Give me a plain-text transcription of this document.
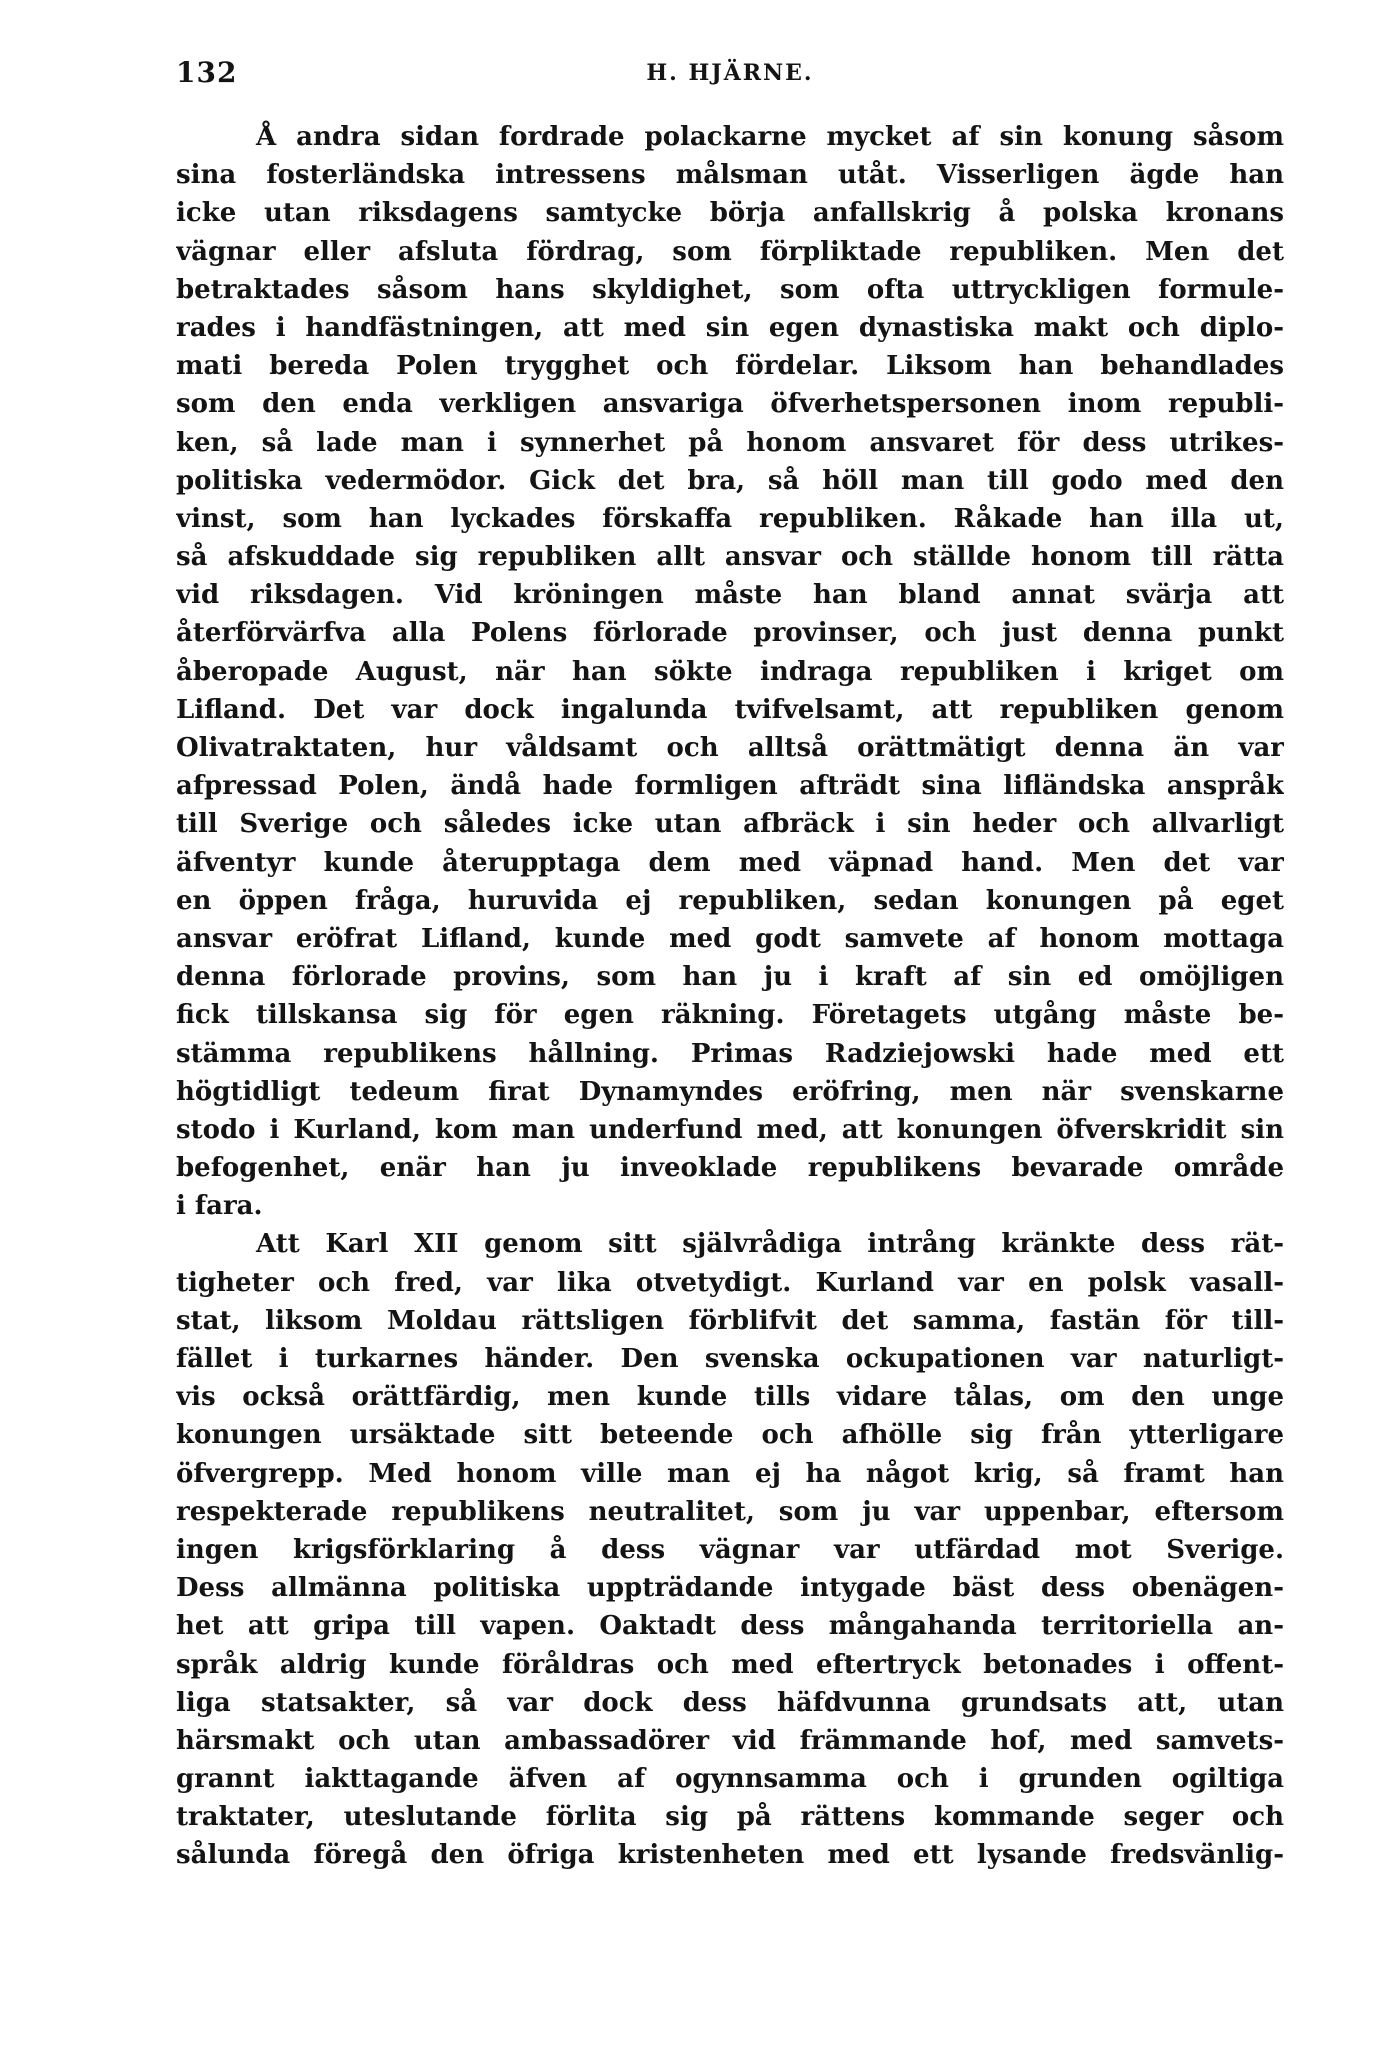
132	H. HJÄRNE.
Å andra sidan fordrade polackarne mycket af sin konung såsom
sina fosterländska intressens målsman utåt. Visserligen ägde han
icke utan riksdagens samtycke börja anfallskrig å polska kronans
vägnar eller afsluta fördrag, som förpliktade republiken. Men det
betraktades såsom hans skyldighet, som ofta uttryckligen formule-
rades i handfästningen, att med sin egen dynastiska makt och diplo-
mati bereda Polen trygghet och fördelar. Liksom han behandlades
som den enda verkligen ansvariga öfverhetspersonen inom republi-
ken, så lade man i synnerhet på honom ansvaret för dess utrikes-
politiska vedermödor. Gick det bra, så höll man till godo med den
vinst, som han lyckades förskaffa republiken. Råkade han illa ut,
så afskuddade sig republiken allt ansvar och ställde honom till rätta
vid riksdagen. Vid kröningen måste han bland annat svärja att
återförvärfva alla Polens förlorade provinser, och just denna punkt
åberopade August, när han sökte indraga republiken i kriget om
Lifland. Det var dock ingalunda tvifvelsamt, att republiken genom
Olivatraktaten, hur våldsamt och alltså orättmätigt denna än var
afpressad Polen, ändå hade formligen afträdt sina lifländska anspråk
till Sverige och således icke utan afbräck i sin heder och allvarligt
äfventyr kunde återupptaga dem med väpnad hand. Men det var
en öppen fråga, huruvida ej republiken, sedan konungen på eget
ansvar eröfrat Lifland, kunde med godt samvete af honom mottaga
denna förlorade provins, som han ju i kraft af sin ed omöjligen
fick tillskansa sig för egen räkning. Företagets utgång måste be-
stämma republikens hållning. Primas Radziejowski hade med ett
högtidligt tedeum firat Dynamyndes eröfring, men när svenskarne
stodo i Kurland, kom man underfund med, att konungen öfverskridit sin
befogenhet, enär han ju inveoklade republikens bevarade område
i fara.
Att Karl XII genom sitt självrådiga intrång kränkte dess rät-
tigheter och fred, var lika otvetydigt. Kurland var en polsk vasall-
stat, liksom Moldau rättsligen förblifvit det samma, fastän för till-
fället i turkarnes händer. Den svenska ockupationen var naturligt-
vis också orättfärdig, men kunde tills vidare tålas, om den unge
konungen ursäktade sitt beteende och afhölle sig från ytterligare
öfvergrepp. Med honom ville man ej ha något krig, så framt han
respekterade republikens neutralitet, som ju var uppenbar, eftersom
ingen krigsförklaring å dess vägnar var utfärdad mot Sverige.
Dess allmänna politiska uppträdande intygade bäst dess obenägen-
het att gripa till vapen. Oaktadt dess mångahanda territoriella an-
språk aldrig kunde föråldras och med eftertryck betonades i offent-
liga statsakter, så var dock dess häfdvunna grundsats att, utan
härsmakt och utan ambassadörer vid främmande hof, med samvets-
grannt iakttagande äfven af ogynnsamma och i grunden ogiltiga
traktater, uteslutande förlita sig på rättens kommande seger och
sålunda föregå den öfriga kristenheten med ett lysande fredsvänlig-
